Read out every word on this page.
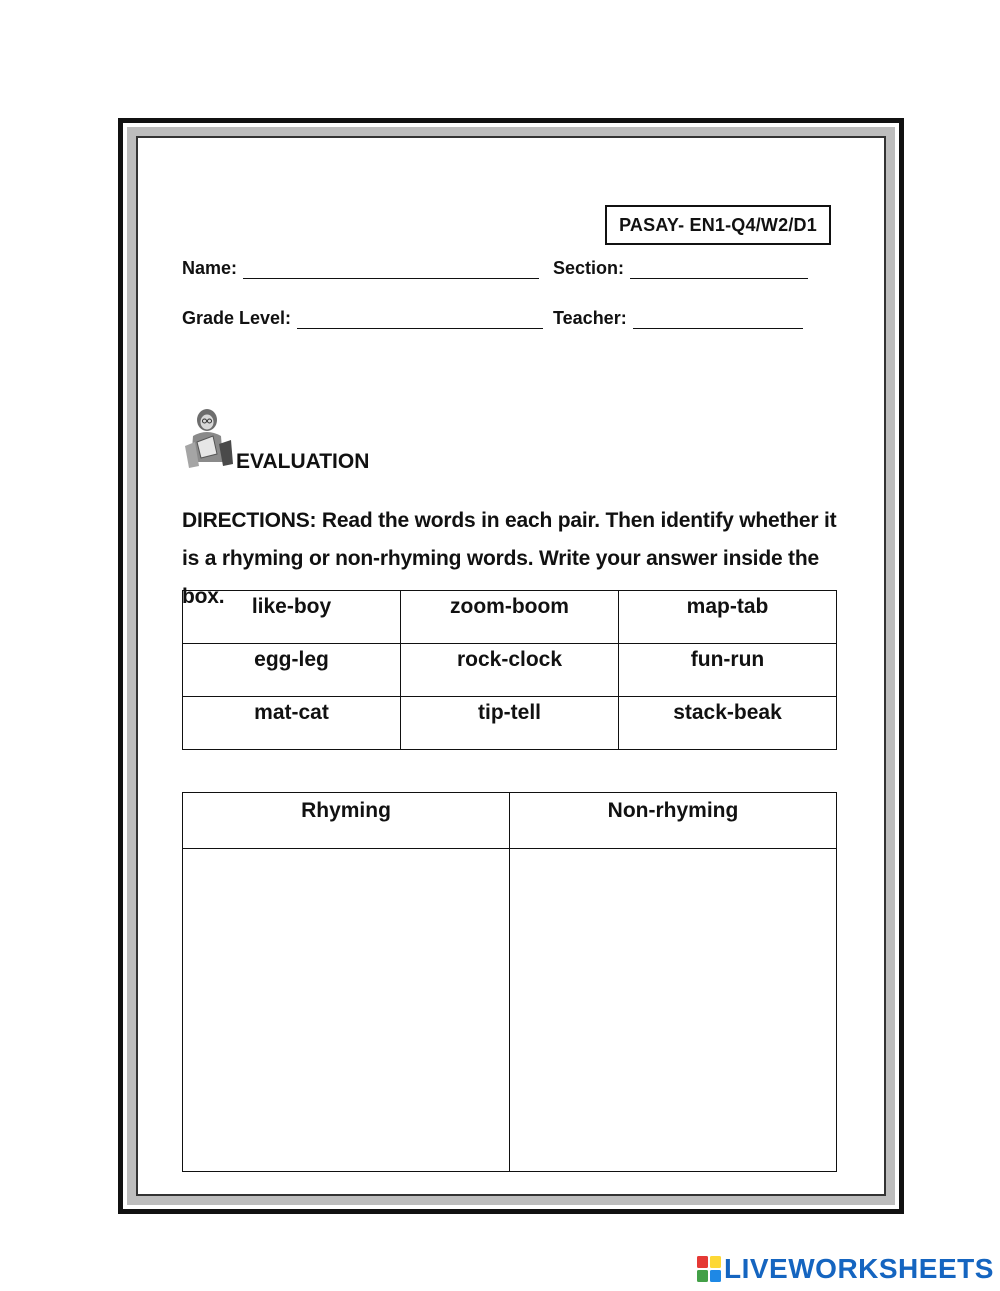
PASAY- EN1-Q4/W2/D1
Name:	Section:
Grade Level:	Teacher:
EVALUATION
DIRECTIONS: Read the words in each pair. Then identify whether it is a rhyming or non-rhyming words. Write your answer inside the box.	like-boy	zoom-boom	map-tab
egg-leg	rock-clock	fun-run
mat-cat	tip-tell	stack-beak
Rhyming	Non-rhyming

LIVEWORKSHEETS
